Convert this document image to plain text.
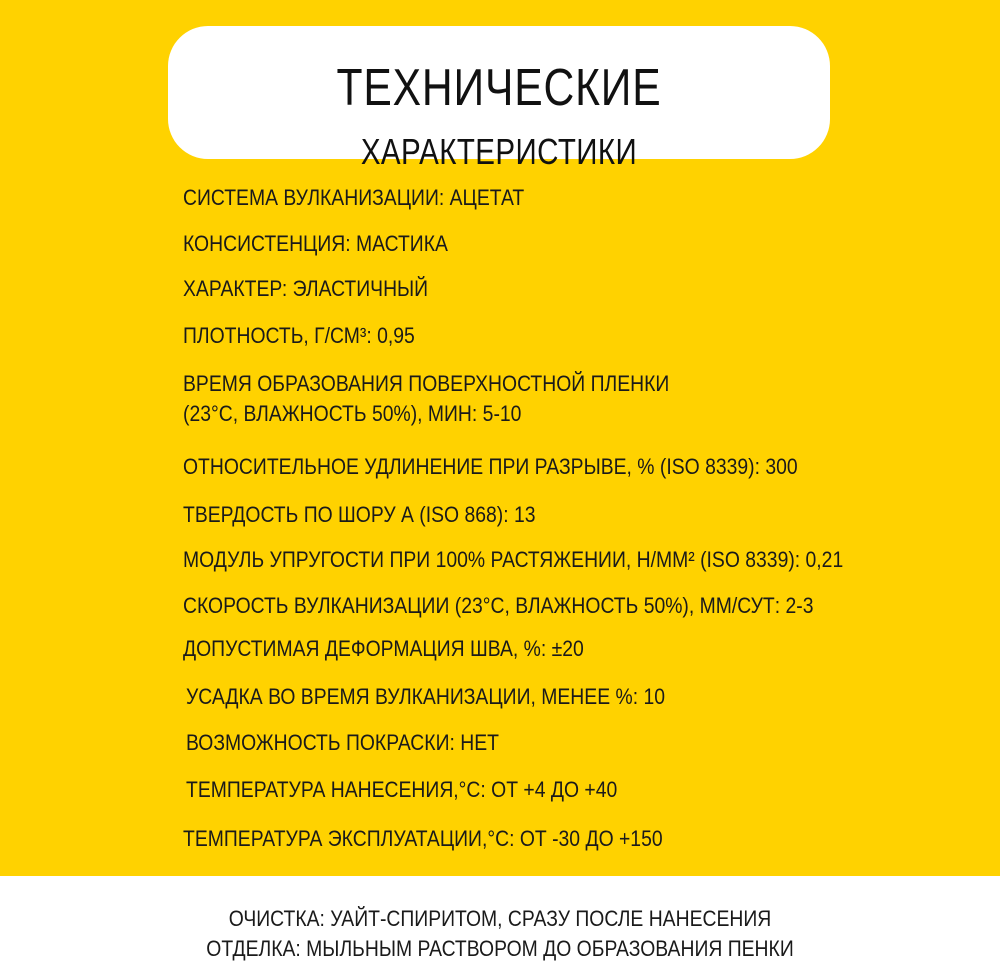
ТЕХНИЧЕСКИЕ
ХАРАКТЕРИСТИКИ
СИСТЕМА ВУЛКАНИЗАЦИИ: АЦЕТАТ
КОНСИСТЕНЦИЯ: МАСТИКА
ХАРАКТЕР: ЭЛАСТИЧНЫЙ
ПЛОТНОСТЬ, Г/СМ³: 0,95
ВРЕМЯ ОБРАЗОВАНИЯ ПОВЕРХНОСТНОЙ ПЛЕНКИ
(23°С, ВЛАЖНОСТЬ 50%), МИН: 5-10
ОТНОСИТЕЛЬНОЕ УДЛИНЕНИЕ ПРИ РАЗРЫВЕ, % (ISO 8339): 300
ТВЕРДОСТЬ ПО ШОРУ А (ISO 868): 13
МОДУЛЬ УПРУГОСТИ ПРИ 100% РАСТЯЖЕНИИ, Н/ММ² (ISO 8339): 0,21
СКОРОСТЬ ВУЛКАНИЗАЦИИ (23°С, ВЛАЖНОСТЬ 50%), ММ/СУТ: 2-3
ДОПУСТИМАЯ ДЕФОРМАЦИЯ ШВА, %: ±20
УСАДКА ВО ВРЕМЯ ВУЛКАНИЗАЦИИ, МЕНЕЕ %: 10
ВОЗМОЖНОСТЬ ПОКРАСКИ: НЕТ
ТЕМПЕРАТУРА НАНЕСЕНИЯ,°С: ОТ +4 ДО +40
ТЕМПЕРАТУРА ЭКСПЛУАТАЦИИ,°С: ОТ -30 ДО +150
ОЧИСТКА: УАЙТ-СПИРИТОМ, СРАЗУ ПОСЛЕ НАНЕСЕНИЯ
ОТДЕЛКА: МЫЛЬНЫМ РАСТВОРОМ ДО ОБРАЗОВАНИЯ ПЕНКИ
